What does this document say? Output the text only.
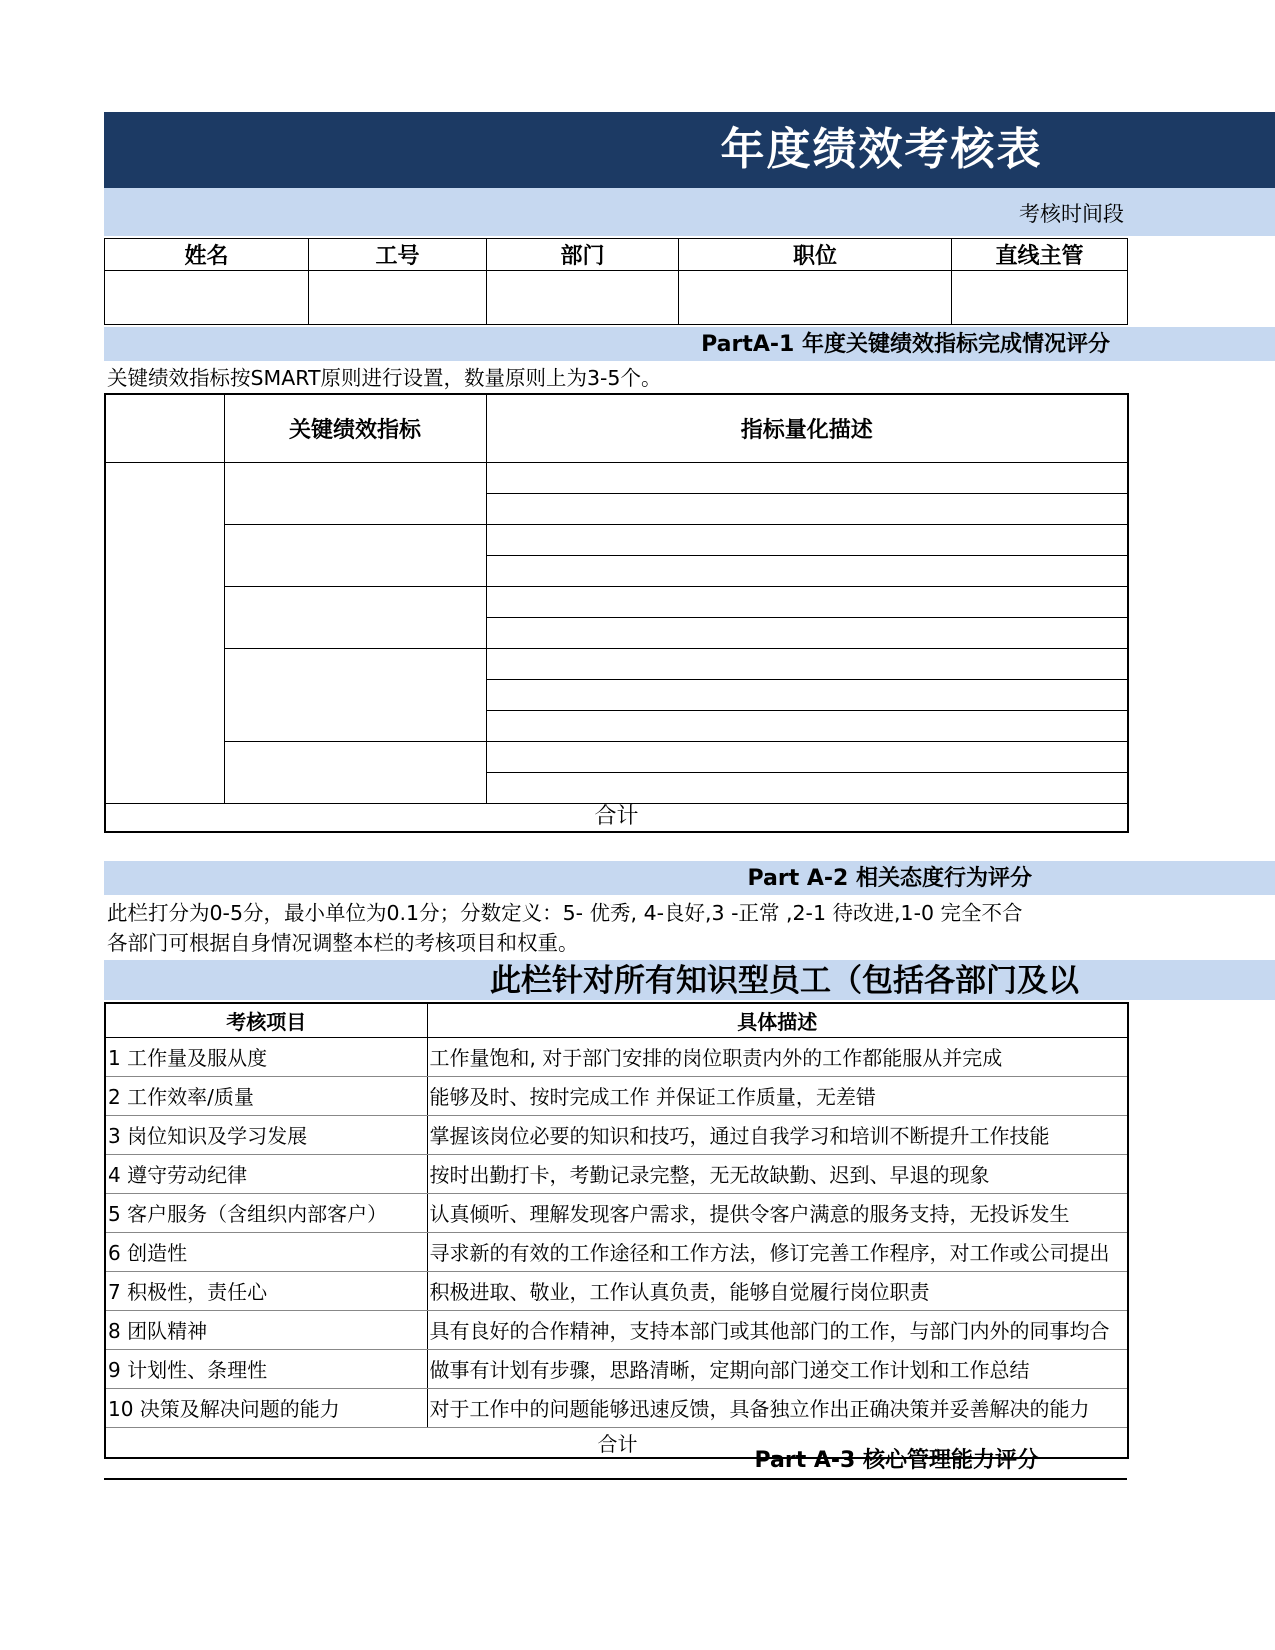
年度绩效考核表
考核时间段
姓名	工号	部门	职位	直线主管

PartA-1 年度关键绩效指标完成情况评分
关键绩效指标按SMART原则进行设置，数量原则上为3-5个。
	关键绩效指标	指标量化描述

合计		
Part A-2 相关态度行为评分
此栏打分为0-5分，最小单位为0.1分；分数定义：5- 优秀, 4-良好,3 -正常 ,2-1 待改进,1-0 完全不合
各部门可根据自身情况调整本栏的考核项目和权重。
此栏针对所有知识型员工（包括各部门及以
考核项目	具体描述
1 工作量及服从度	工作量饱和, 对于部门安排的岗位职责内外的工作都能服从并完成
2 工作效率/质量	能够及时、按时完成工作 并保证工作质量，无差错
3 岗位知识及学习发展	掌握该岗位必要的知识和技巧，通过自我学习和培训不断提升工作技能
4 遵守劳动纪律	按时出勤打卡，考勤记录完整，无无故缺勤、迟到、早退的现象
5 客户服务（含组织内部客户）	认真倾听、理解发现客户需求，提供令客户满意的服务支持，无投诉发生
6 创造性	寻求新的有效的工作途径和工作方法，修订完善工作程序，对工作或公司提出
7 积极性，责任心	积极进取、敬业，工作认真负责，能够自觉履行岗位职责
8 团队精神	具有良好的合作精神，支持本部门或其他部门的工作，与部门内外的同事均合
9 计划性、条理性	做事有计划有步骤，思路清晰，定期向部门递交工作计划和工作总结
10 决策及解决问题的能力	对于工作中的问题能够迅速反馈，具备独立作出正确决策并妥善解决的能力
合计	
Part A-3 核心管理能力评分
